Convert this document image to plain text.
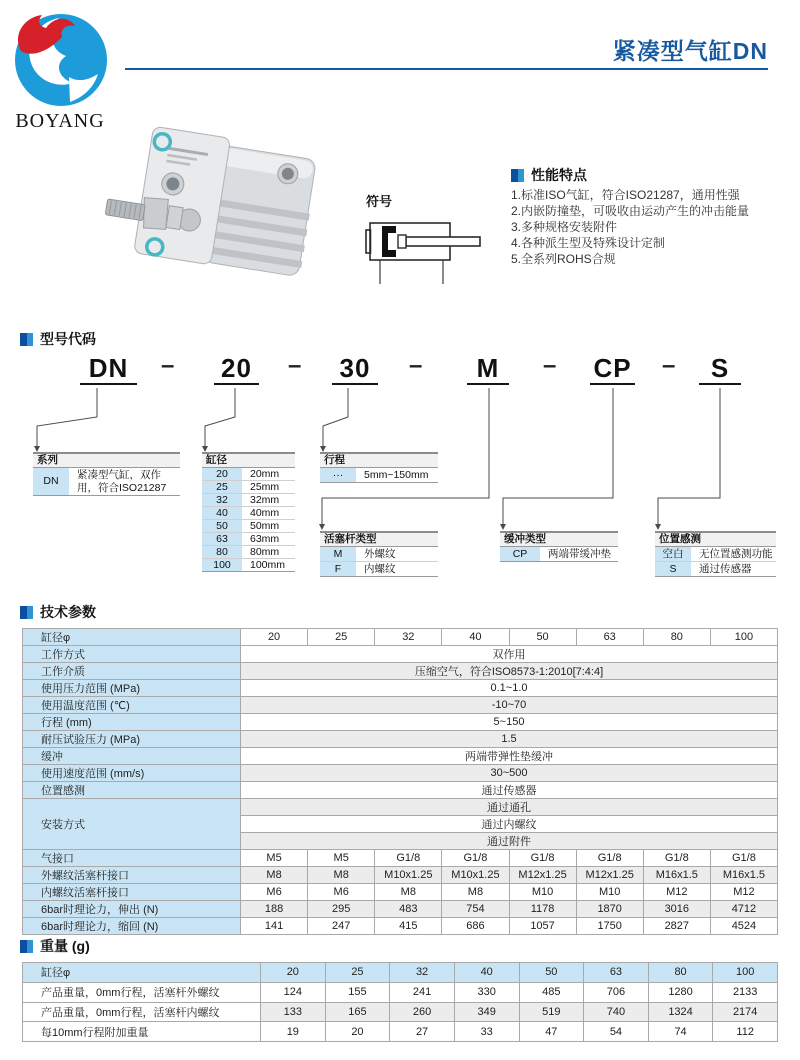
BOYANG
紧凑型气缸DN
符号
性能特点
1.标准ISO气缸，符合ISO21287，通用性强
2.内嵌防撞垫，可吸收由运动产生的冲击能量
3.多种规格安装附件
4.各种派生型及特殊设计定制
5.全系列ROHS合规
型号代码
DN	– 20 – 30	–	M	– CP –	S
系列
DN	紧凑型气缸，双作用，符合ISO21287
缸径
20	20mm
25	25mm
32	32mm
40	40mm
50	50mm
63	63mm
80	80mm
100	100mm
行程
···	5mm~150mm
活塞杆类型
M	外螺纹
F	内螺纹
缓冲类型
CP	两端带缓冲垫
位置感测
空白	无位置感测功能
S	通过传感器
技术参数
缸径φ	20	25	32	40	50	63	80	100
工作方式	双作用							
工作介质	压缩空气，符合ISO8573-1:2010[7:4:4]							
使用压力范围 (MPa)	0.1~1.0							
使用温度范围 (℃)	-10~70							
行程 (mm)	5~150							
耐压试验压力 (MPa)	1.5							
缓冲	两端带弹性垫缓冲							
使用速度范围 (mm/s)	30~500							
位置感测	通过传感器							
安装方式	通过通孔							
	通过内螺纹							
	通过附件							
气接口	M5	M5	G1/8	G1/8	G1/8	G1/8	G1/8	G1/8
外螺纹活塞杆接口	M8	M8	M10x1.25	M10x1.25	M12x1.25	M12x1.25	M16x1.5	M16x1.5
内螺纹活塞杆接口	M6	M6	M8	M8	M10	M10	M12	M12
6bar时理论力，伸出 (N)	188	295	483	754	1178	1870	3016	4712
6bar时理论力，缩回 (N)	141	247	415	686	1057	1750	2827	4524
重量 (g)
缸径φ	20	25	32	40	50	63	80	100
产品重量，0mm行程，活塞杆外螺纹	124	155	241	330	485	706	1280	2133
产品重量，0mm行程，活塞杆内螺纹	133	165	260	349	519	740	1324	2174
每10mm行程附加重量	19	20	27	33	47	54	74	112
